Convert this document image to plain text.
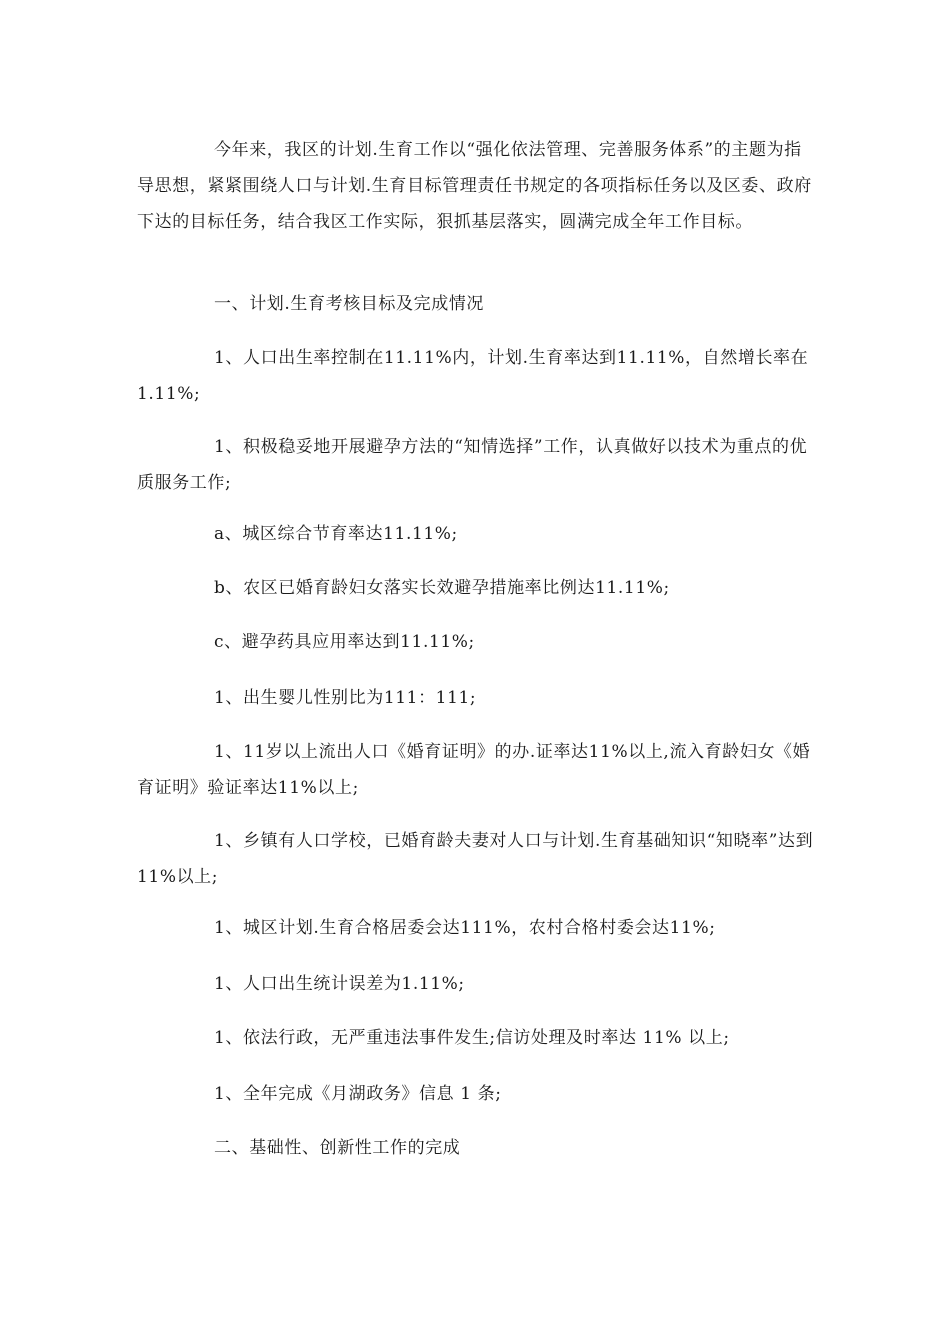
今年来，我区的计划.生育工作以“强化依法管理、完善服务体系”的主题为指导思想，紧紧围绕人口与计划.生育目标管理责任书规定的各项指标任务以及区委、政府下达的目标任务，结合我区工作实际，狠抓基层落实，圆满完成全年工作目标。

一、计划.生育考核目标及完成情况

1、人口出生率控制在11.11%内，计划.生育率达到11.11%，自然增长率在1.11%;

1、积极稳妥地开展避孕方法的“知情选择”工作，认真做好以技术为重点的优质服务工作;

a、城区综合节育率达11.11%;

b、农区已婚育龄妇女落实长效避孕措施率比例达11.11%;

c、避孕药具应用率达到11.11%;

1、出生婴儿性别比为111：111;

1、11岁以上流出人口《婚育证明》的办.证率达11%以上,流入育龄妇女《婚育证明》验证率达11%以上;

1、乡镇有人口学校，已婚育龄夫妻对人口与计划.生育基础知识“知晓率”达到11%以上;

1、城区计划.生育合格居委会达111%，农村合格村委会达11%;

1、人口出生统计误差为1.11%;

1、依法行政，无严重违法事件发生;信访处理及时率达 11% 以上;

1、全年完成《月湖政务》信息 1 条;

二、基础性、创新性工作的完成
